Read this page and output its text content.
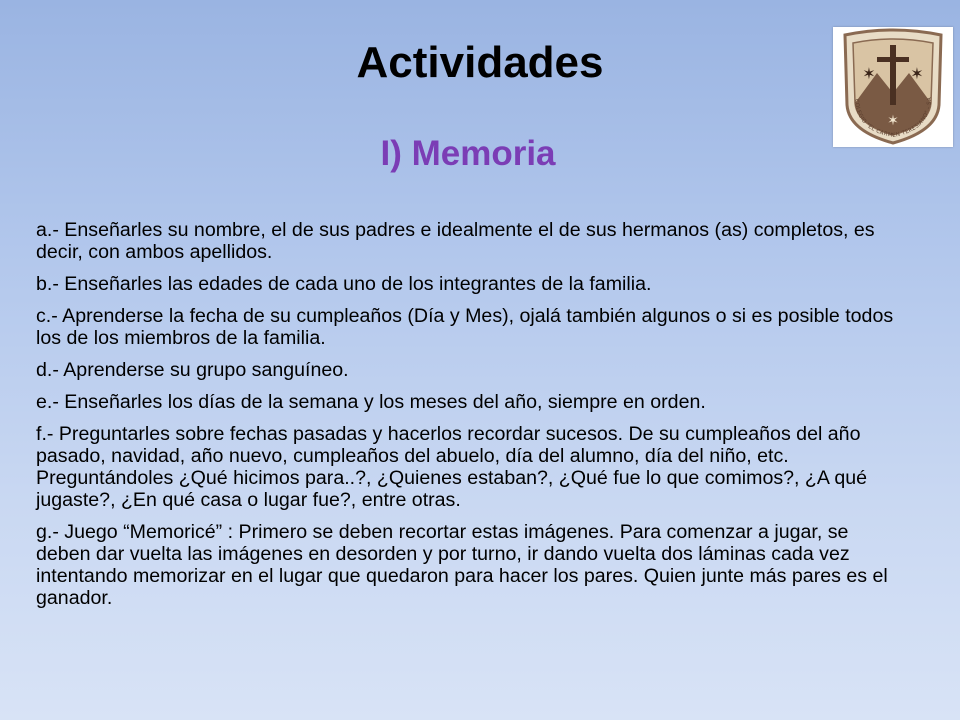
Actividades
I) Memoria
✶ ✶
✶
COLEGIO "EL CARMEN TERESIANO" - SA
a.- Enseñarles su nombre, el de sus padres e idealmente el de sus hermanos (as) completos, es decir, con ambos apellidos.
b.- Enseñarles las edades de cada uno de los integrantes de la familia.
c.- Aprenderse la fecha de su cumpleaños (Día y Mes), ojalá también algunos o si es posible todos los de los miembros de la familia.
d.- Aprenderse su grupo sanguíneo.
e.- Enseñarles los días de la semana y los meses del año, siempre en orden.
f.- Preguntarles sobre fechas pasadas y hacerlos recordar sucesos. De su cumpleaños del año pasado, navidad, año nuevo, cumpleaños del abuelo, día del alumno, día del niño, etc. Preguntándoles ¿Qué hicimos para..?, ¿Quienes estaban?, ¿Qué fue lo que comimos?, ¿A qué jugaste?, ¿En qué casa o lugar fue?, entre otras.
g.- Juego “Memoricé” : Primero se deben recortar estas imágenes. Para comenzar a jugar, se deben dar vuelta las imágenes en desorden y por turno, ir dando vuelta dos láminas cada vez intentando memorizar en el lugar que quedaron para hacer los pares. Quien junte más pares es el ganador.
